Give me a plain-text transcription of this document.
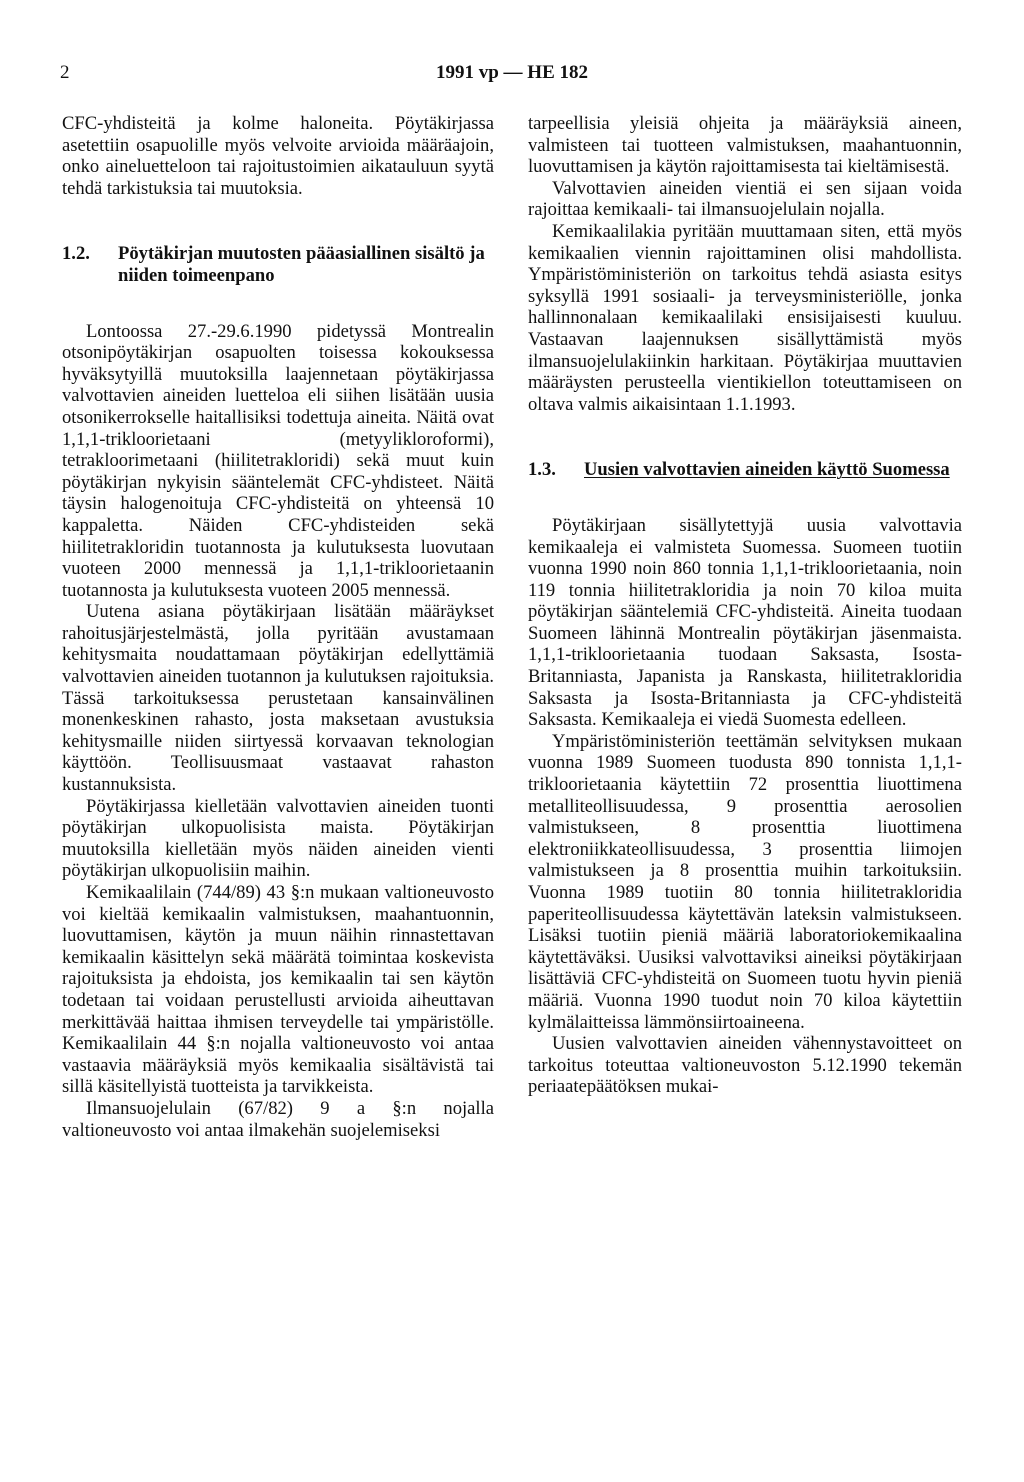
2	1991 vp — HE 182

CFC-yhdisteitä ja kolme haloneita. Pöytäkirjassa asetettiin osapuolille myös velvoite arvioida määräajoin, onko aineluetteloon tai rajoitustoimien aikatauluun syytä tehdä tarkistuksia tai muutoksia.

1.2.	Pöytäkirjan muutosten pääasiallinen sisältö ja niiden toimeenpano

Lontoossa 27.-29.6.1990 pidetyssä Montrealin otsonipöytäkirjan osapuolten toisessa kokouksessa hyväksytyillä muutoksilla laajennetaan pöytäkirjassa valvottavien aineiden luetteloa eli siihen lisätään uusia otsonikerrokselle haitallisiksi todettuja aineita. Näitä ovat 1,1,1-trikloorietaani (metyylikloroformi), tetrakloorimetaani (hiilitetrakloridi) sekä muut kuin pöytäkirjan nykyisin sääntelemät CFC-yhdisteet. Näitä täysin halogenoituja CFC-yhdisteitä on yhteensä 10 kappaletta. Näiden CFC-yhdisteiden sekä hiilitetrakloridin tuotannosta ja kulutuksesta luovutaan vuoteen 2000 mennessä ja 1,1,1-trikloorietaanin tuotannosta ja kulutuksesta vuoteen 2005 mennessä.

Uutena asiana pöytäkirjaan lisätään määräykset rahoitusjärjestelmästä, jolla pyritään avustamaan kehitysmaita noudattamaan pöytäkirjan edellyttämiä valvottavien aineiden tuotannon ja kulutuksen rajoituksia. Tässä tarkoituksessa perustetaan kansainvälinen monenkeskinen rahasto, josta maksetaan avustuksia kehitysmaille niiden siirtyessä korvaavan teknologian käyttöön. Teollisuusmaat vastaavat rahaston kustannuksista.

Pöytäkirjassa kielletään valvottavien aineiden tuonti pöytäkirjan ulkopuolisista maista. Pöytäkirjan muutoksilla kielletään myös näiden aineiden vienti pöytäkirjan ulkopuolisiin maihin.

Kemikaalilain (744/89) 43 §:n mukaan valtioneuvosto voi kieltää kemikaalin valmistuksen, maahantuonnin, luovuttamisen, käytön ja muun näihin rinnastettavan kemikaalin käsittelyn sekä määrätä toimintaa koskevista rajoituksista ja ehdoista, jos kemikaalin tai sen käytön todetaan tai voidaan perustellusti arvioida aiheuttavan merkittävää haittaa ihmisen terveydelle tai ympäristölle. Kemikaalilain 44 §:n nojalla valtioneuvosto voi antaa vastaavia määräyksiä myös kemikaalia sisältävistä tai sillä käsitellyistä tuotteista ja tarvikkeista.

Ilmansuojelulain (67/82) 9 a §:n nojalla valtioneuvosto voi antaa ilmakehän suojelemiseksi

tarpeellisia yleisiä ohjeita ja määräyksiä aineen, valmisteen tai tuotteen valmistuksen, maahantuonnin, luovuttamisen ja käytön rajoittamisesta tai kieltämisestä.

Valvottavien aineiden vientiä ei sen sijaan voida rajoittaa kemikaali- tai ilmansuojelulain nojalla.

Kemikaalilakia pyritään muuttamaan siten, että myös kemikaalien viennin rajoittaminen olisi mahdollista. Ympäristöministeriön on tarkoitus tehdä asiasta esitys syksyllä 1991 sosiaali- ja terveysministeriölle, jonka hallinnonalaan kemikaalilaki ensisijaisesti kuuluu. Vastaavan laajennuksen sisällyttämistä myös ilmansuojelulakiinkin harkitaan. Pöytäkirjaa muuttavien määräysten perusteella vientikiellon toteuttamiseen on oltava valmis aikaisintaan 1.1.1993.

1.3.	Uusien valvottavien aineiden käyttö Suomessa

Pöytäkirjaan sisällytettyjä uusia valvottavia kemikaaleja ei valmisteta Suomessa. Suomeen tuotiin vuonna 1990 noin 860 tonnia 1,1,1-trikloorietaania, noin 119 tonnia hiilitetrakloridia ja noin 70 kiloa muita pöytäkirjan sääntelemiä CFC-yhdisteitä. Aineita tuodaan Suomeen lähinnä Montrealin pöytäkirjan jäsenmaista. 1,1,1-trikloorietaania tuodaan Saksasta, Isosta-Britanniasta, Japanista ja Ranskasta, hiilitetrakloridia Saksasta ja Isosta-Britanniasta ja CFC-yhdisteitä Saksasta. Kemikaaleja ei viedä Suomesta edelleen.

Ympäristöministeriön teettämän selvityksen mukaan vuonna 1989 Suomeen tuodusta 890 tonnista 1,1,1-trikloorietaania käytettiin 72 prosenttia liuottimena metalliteollisuudessa, 9 prosenttia aerosolien valmistukseen, 8 prosenttia liuottimena elektroniikkateollisuudessa, 3 prosenttia liimojen valmistukseen ja 8 prosenttia muihin tarkoituksiin. Vuonna 1989 tuotiin 80 tonnia hiilitetrakloridia paperiteollisuudessa käytettävän lateksin valmistukseen. Lisäksi tuotiin pieniä määriä laboratoriokemikaalina käytettäväksi. Uusiksi valvottaviksi aineiksi pöytäkirjaan lisättäviä CFC-yhdisteitä on Suomeen tuotu hyvin pieniä määriä. Vuonna 1990 tuodut noin 70 kiloa käytettiin kylmälaitteissa lämmönsiirtoaineena.

Uusien valvottavien aineiden vähennystavoitteet on tarkoitus toteuttaa valtioneuvoston 5.12.1990 tekemän periaatepäätöksen mukai-
